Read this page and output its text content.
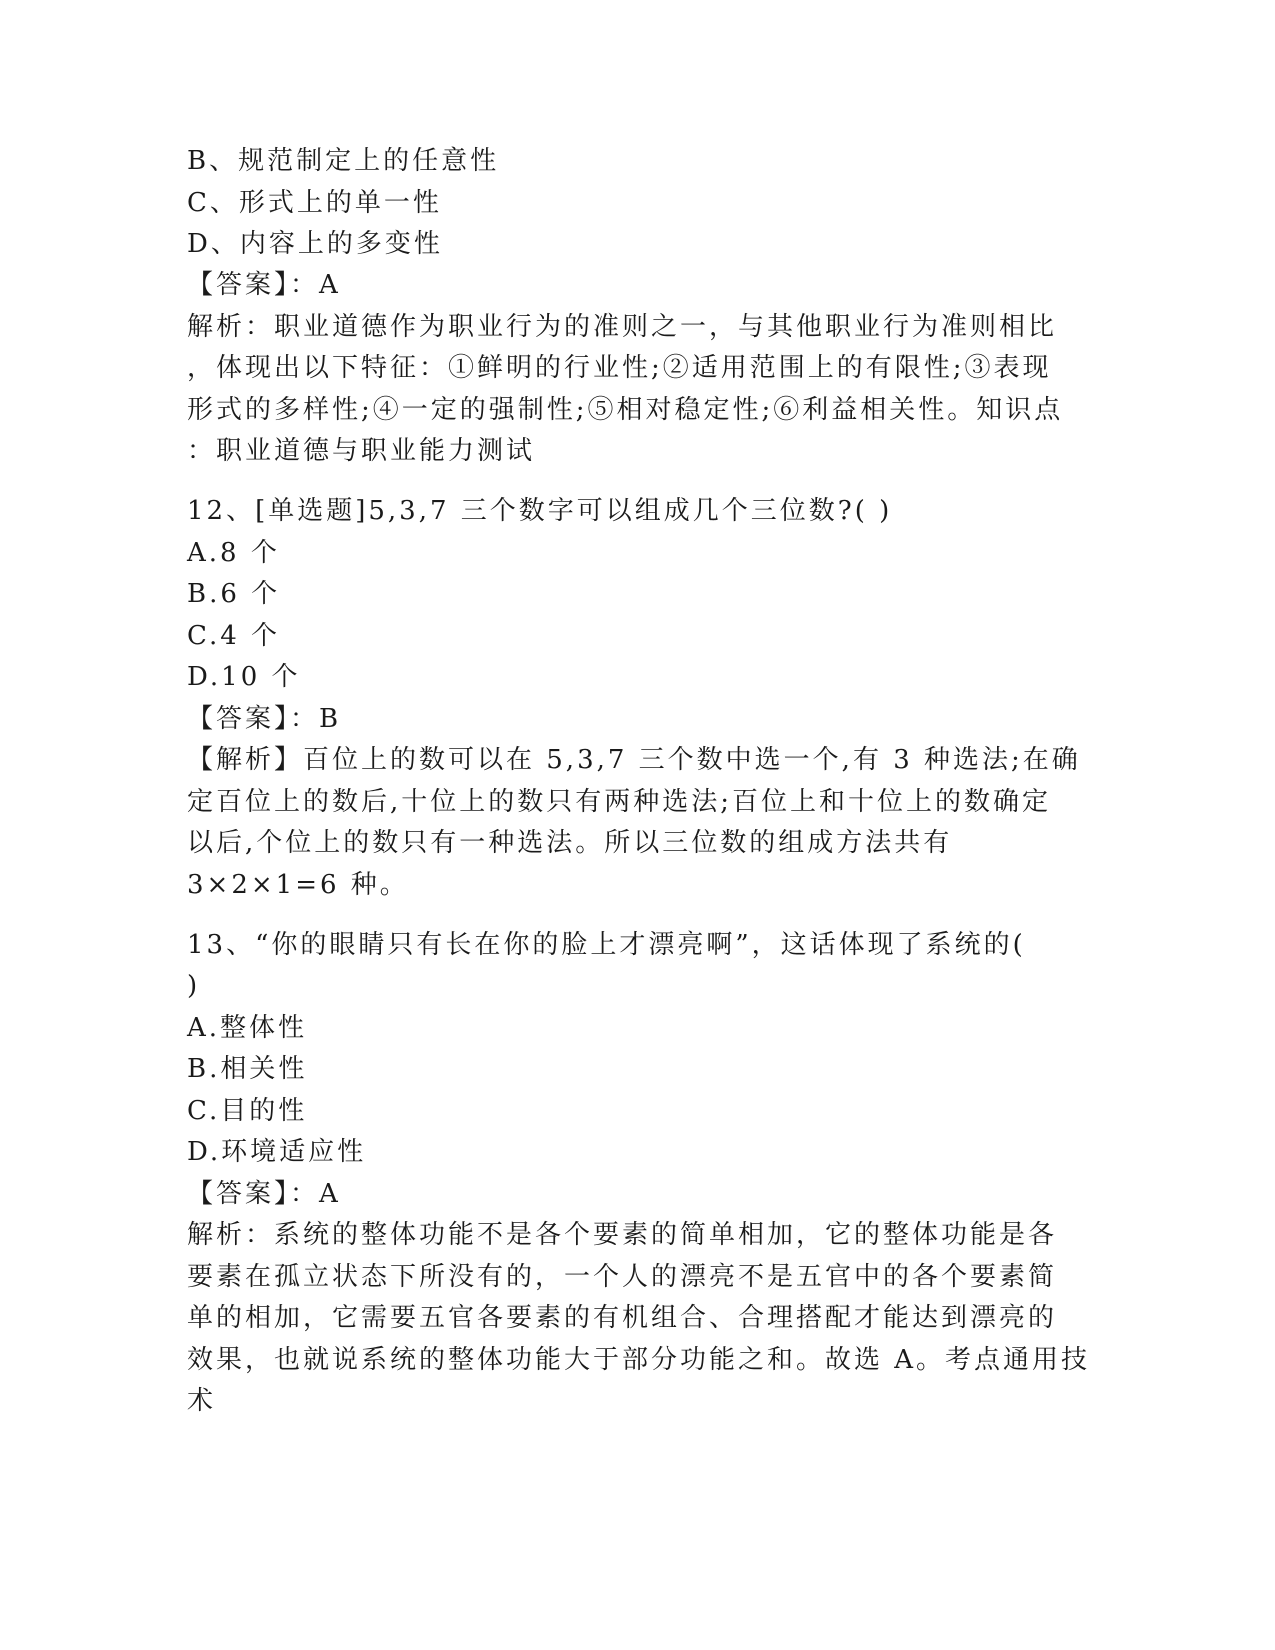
B、规范制定上的任意性
C、形式上的单一性
D、内容上的多变性
【答案】：A
解析：职业道德作为职业行为的准则之一，与其他职业行为准则相比
，体现出以下特征：①鲜明的行业性;②适用范围上的有限性;③表现
形式的多样性;④一定的强制性;⑤相对稳定性;⑥利益相关性。知识点
：职业道德与职业能力测试
12、[单选题]5,3,7 三个数字可以组成几个三位数?( )
A.8 个
B.6 个
C.4 个
D.10 个
【答案】：B
【解析】百位上的数可以在 5,3,7 三个数中选一个,有 3 种选法;在确
定百位上的数后,十位上的数只有两种选法;百位上和十位上的数确定
以后,个位上的数只有一种选法。所以三位数的组成方法共有
3×2×1=6 种。
13、“你的眼睛只有长在你的脸上才漂亮啊”，这话体现了系统的(
)
A.整体性
B.相关性
C.目的性
D.环境适应性
【答案】：A
解析：系统的整体功能不是各个要素的简单相加，它的整体功能是各
要素在孤立状态下所没有的，一个人的漂亮不是五官中的各个要素简
单的相加，它需要五官各要素的有机组合、合理搭配才能达到漂亮的
效果，也就说系统的整体功能大于部分功能之和。故选 A。考点通用技
术
